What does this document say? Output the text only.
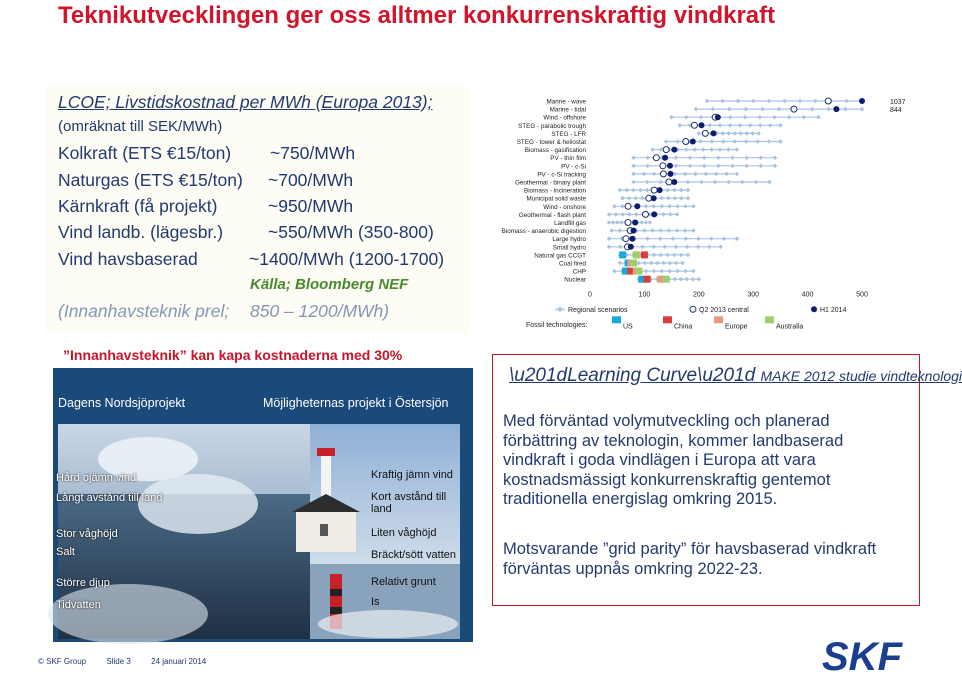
Teknikutvecklingen ger oss alltmer konkurrenskraftig vindkraft
LCOE; Livstidskostnad per MWh (Europa 2013);
(omräknat till SEK/MWh)
Kolkraft (ETS €15/ton) ~750/MWh
Naturgas (ETS €15/ton) ~700/MWh
Kärnkraft (få projekt)	~950/MWh
Vind landb. (lägesbr.)	~550/MWh (350-800)
Vind havsbaserad	~1400/MWh (1200-1700)
Källa; Bloomberg NEF
(Innanhavsteknik prel; 850 – 1200/MWh)
Marine - wave
Marine - tidal
Wind - offshore
STEG - parabolic trough
STEG - LFR
STEG - tower & heliostat
Biomass - gasification
PV - thin film
PV - c-Si
PV - c-Si tracking
Geothermal - binary plant
Biomass - incineration
Municipal solid waste
Wind - onshore
Geothermal - flash plant
Landfill gas
Biomass - anaerobic digestion
Large hydro
Small hydro
Natural gas CCGT
Coal fired
CHP
Nuclear
1037
844
0	100	200	300	400	500
Regional scenarios	Q2 2013 central	H1 2014
Fossil technologies:	US	China	Europe	Australia
”Innanhavsteknik” kan kapa kostnaderna med 30%
Dagens Nordsjöprojekt	Möjligheternas projekt i Östersjön
Hård ojämn vind
Långt avstånd till land
Stor våghöjd
Salt
Större djup
Tidvatten
Kraftig jämn vind
Kort avstånd till land
Liten våghöjd
Bräckt/sött vatten
Relativt grunt
Is
\u201dLearning Curve\u201d MAKE 2012 studie vindteknologi
Med förväntad volymutveckling och planerad förbättring av teknologin, kommer landbaserad vindkraft i goda vindlägen i Europa att vara kostnadsmässigt konkurrenskraftig gentemot traditionella energislag omkring 2015.
Motsvarande ”grid parity” för havsbaserad vindkraft förväntas uppnås omkring 2022-23.
© SKF Group	Slide 3	24 januari 2014	SKF
